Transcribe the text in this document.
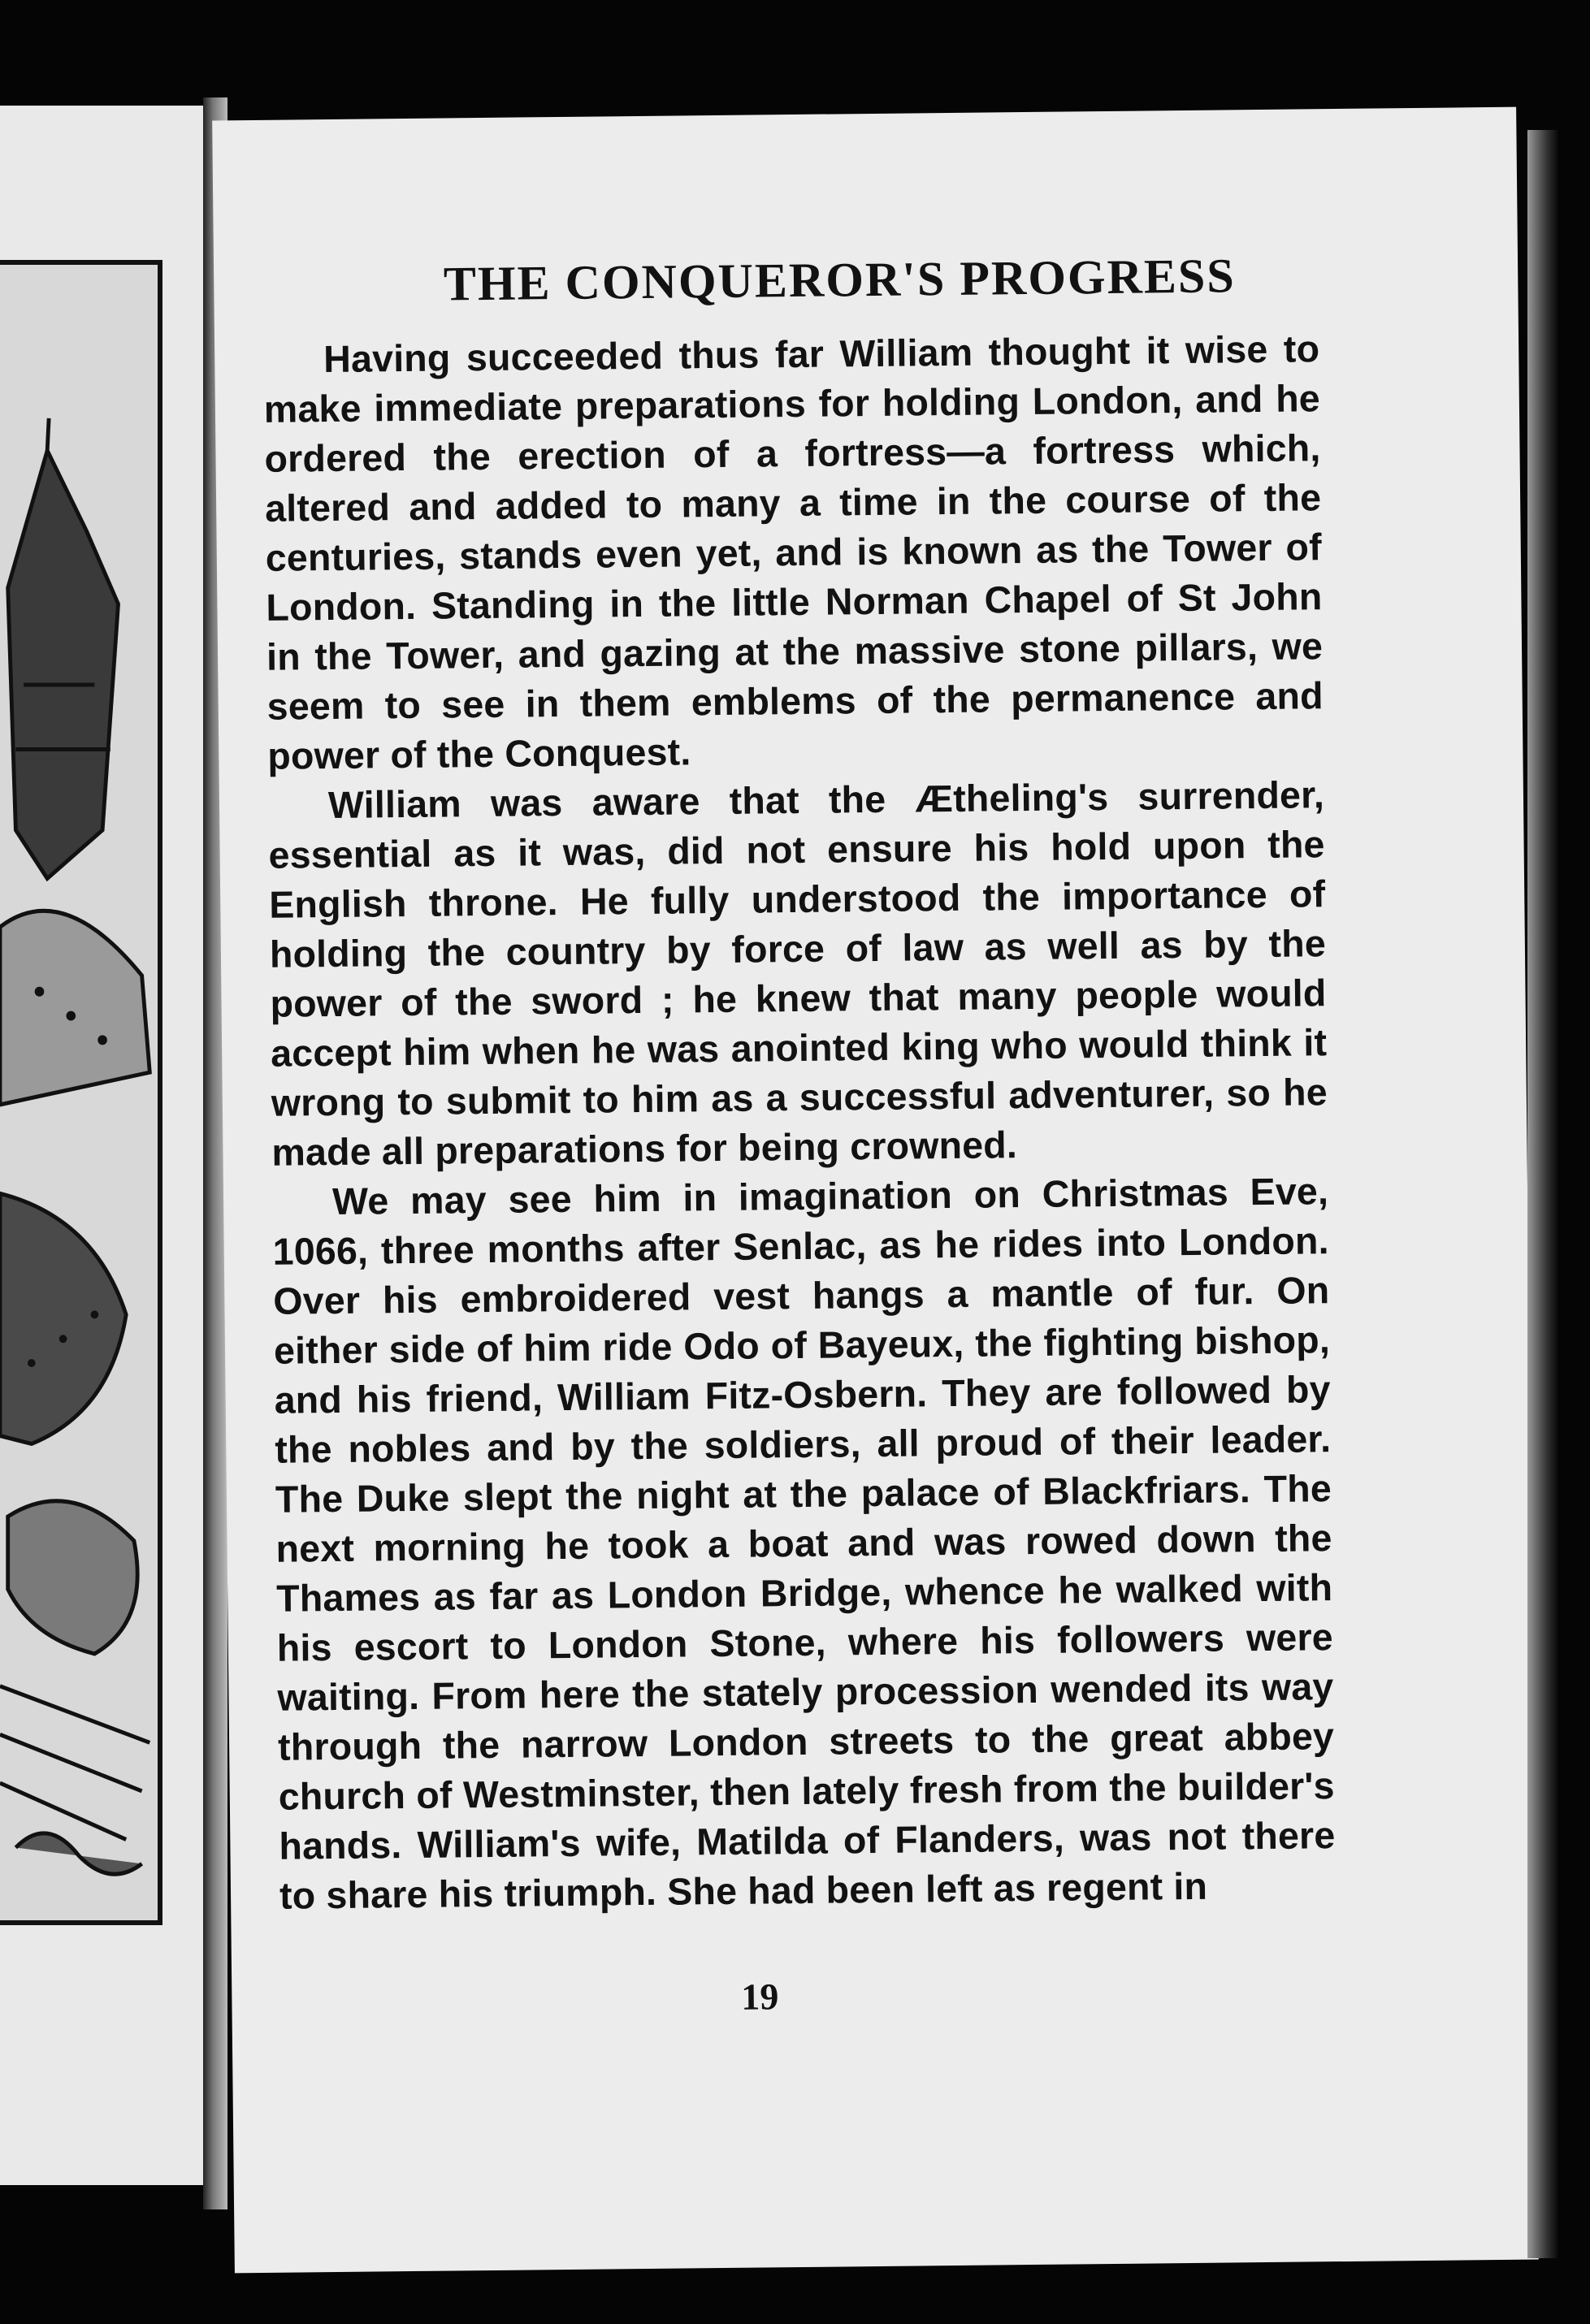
THE CONQUEROR'S PROGRESS

Having succeeded thus far William thought it wise to make immediate preparations for holding London, and he ordered the erection of a fortress—a fortress which, altered and added to many a time in the course of the centuries, stands even yet, and is known as the Tower of London. Standing in the little Norman Chapel of St John in the Tower, and gazing at the massive stone pillars, we seem to see in them emblems of the permanence and power of the Conquest.

William was aware that the Ætheling's surrender, essential as it was, did not ensure his hold upon the English throne. He fully understood the importance of holding the country by force of law as well as by the power of the sword ; he knew that many people would accept him when he was anointed king who would think it wrong to submit to him as a successful adventurer, so he made all preparations for being crowned.

We may see him in imagination on Christmas Eve, 1066, three months after Senlac, as he rides into London. Over his embroidered vest hangs a mantle of fur. On either side of him ride Odo of Bayeux, the fighting bishop, and his friend, William Fitz-Osbern. They are followed by the nobles and by the soldiers, all proud of their leader. The Duke slept the night at the palace of Blackfriars. The next morning he took a boat and was rowed down the Thames as far as London Bridge, whence he walked with his escort to London Stone, where his followers were waiting. From here the stately procession wended its way through the narrow London streets to the great abbey church of Westminster, then lately fresh from the builder's hands. William's wife, Matilda of Flanders, was not there to share his triumph. She had been left as regent in

19
